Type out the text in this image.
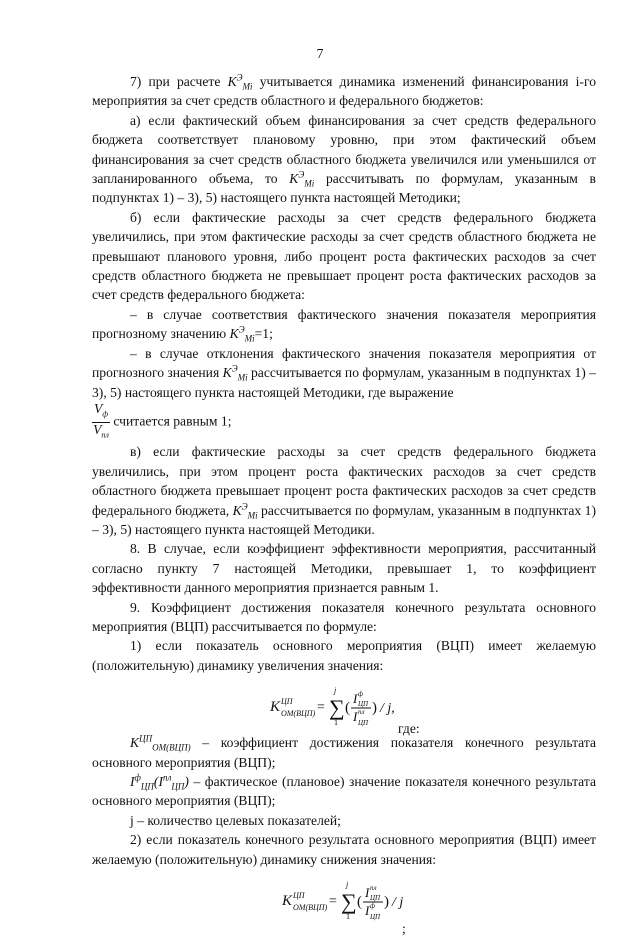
7

7) при расчете $K^Э_{Мi}$ учитывается динамика изменений финансирования i-го мероприятия за счет средств областного и федерального бюджетов:

а) если фактический объем финансирования за счет средств федерального бюджета соответствует плановому уровню, при этом фактический объем финансирования за счет средств областного бюджета увеличился или уменьшился от запланированного объема, то $K^Э_{Мi}$ рассчитывать по формулам, указанным в подпунктах 1) – 3), 5) настоящего пункта настоящей Методики;

б) если фактические расходы за счет средств федерального бюджета увеличились, при этом фактические расходы за счет средств областного бюджета не превышают планового уровня, либо процент роста фактических расходов за счет средств областного бюджета не превышает процент роста фактических расходов за счет средств федерального бюджета:

– в случае соответствия фактического значения показателя мероприятия прогнозному значению $K^Э_{Мi}=1$;

– в случае отклонения фактического значения показателя мероприятия от прогнозного значения $K^Э_{Мi}$ рассчитывается по формулам, указанным в подпунктах 1) – 3), 5) настоящего пункта настоящей Методики, где выражение

$\frac{V_ф}{V_{пл}}$ считается равным 1;

в) если фактические расходы за счет средств федерального бюджета увеличились, при этом процент роста фактических расходов за счет средств областного бюджета превышает процент роста фактических расходов за счет средств федерального бюджета, $K^Э_{Мi}$ рассчитывается по формулам, указанным в подпунктах 1) – 3), 5) настоящего пункта настоящей Методики.

8. В случае, если коэффициент эффективности мероприятия, рассчитанный согласно пункту 7 настоящей Методики, превышает 1, то коэффициент эффективности данного мероприятия признается равным 1.

9. Коэффициент достижения показателя конечного результата основного мероприятия (ВЦП) рассчитывается по формуле:

1) если показатель основного мероприятия (ВЦП) имеет желаемую (положительную) динамику увеличения значения:

K ЦП
ОМ(ВЦП) = ∑
j
1
(
I ф
ЦП
I пл
ЦП
) / j,
где:

$K^{ЦП}_{ОМ(ВЦП)}$ – коэффициент достижения показателя конечного результата основного мероприятия (ВЦП);

$I^ф_{ЦП}(I^{пл}_{ЦП})$ – фактическое (плановое) значение показателя конечного результата основного мероприятия (ВЦП);

j – количество целевых показателей;

2) если показатель конечного результата основного мероприятия (ВЦП) имеет желаемую (положительную) динамику снижения значения:

K ЦП
ОМ(ВЦП) = ∑
j
1
(
I пл
ЦП
I ф
ЦП
) / j
;
